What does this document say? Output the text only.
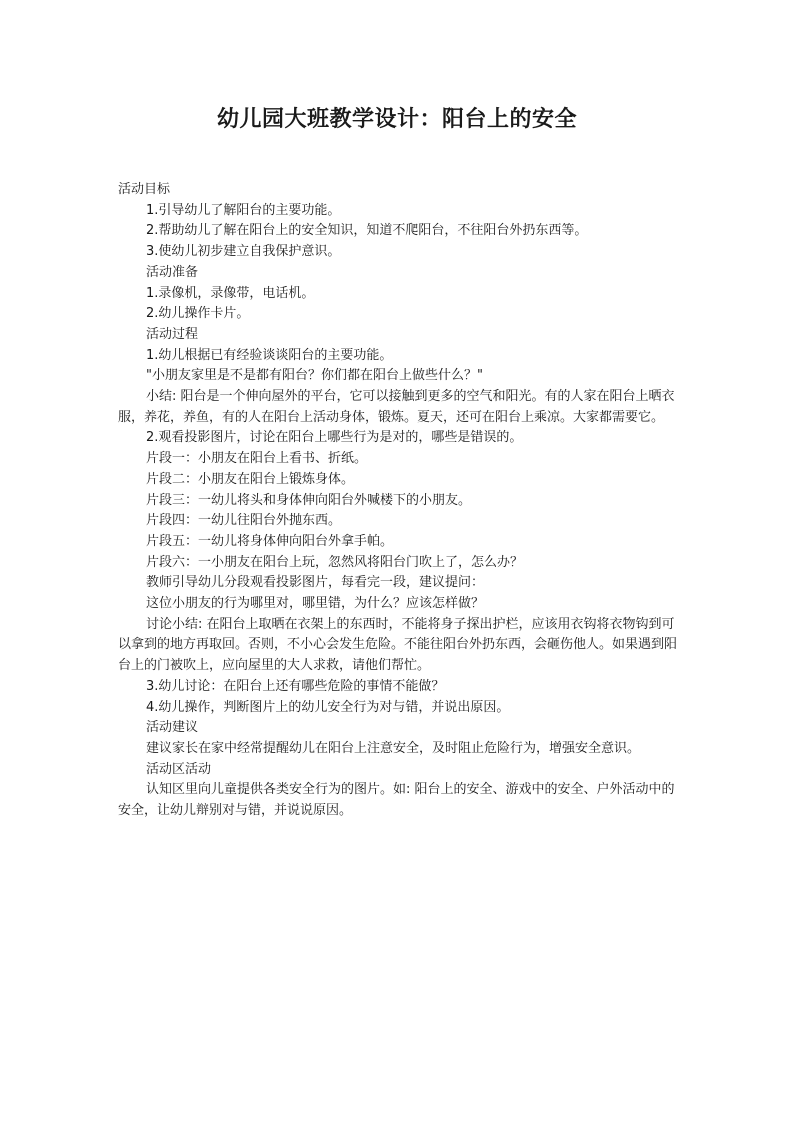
幼儿园大班教学设计：阳台上的安全

活动目标

1.引导幼儿了解阳台的主要功能。

2.帮助幼儿了解在阳台上的安全知识，知道不爬阳台，不往阳台外扔东西等。

3.使幼儿初步建立自我保护意识。

活动准备

1.录像机，录像带，电话机。

2.幼儿操作卡片。

活动过程

1.幼儿根据已有经验谈谈阳台的主要功能。

"小朋友家里是不是都有阳台？你们都在阳台上做些什么？"

小结: 阳台是一个伸向屋外的平台，它可以接触到更多的空气和阳光。有的人家在阳台上晒衣服，养花，养鱼，有的人在阳台上活动身体，锻炼。夏天，还可在阳台上乘凉。大家都需要它。

2.观看投影图片，讨论在阳台上哪些行为是对的，哪些是错误的。

片段一：小朋友在阳台上看书、折纸。

片段二：小朋友在阳台上锻炼身体。

片段三：一幼儿将头和身体伸向阳台外喊楼下的小朋友。

片段四：一幼儿往阳台外抛东西。

片段五：一幼儿将身体伸向阳台外拿手帕。

片段六：一小朋友在阳台上玩，忽然风将阳台门吹上了，怎么办？

教师引导幼儿分段观看投影图片，每看完一段，建议提问：

这位小朋友的行为哪里对，哪里错，为什么？应该怎样做？

讨论小结: 在阳台上取晒在衣架上的东西时，不能将身子探出护栏，应该用衣钩将衣物钩到可以拿到的地方再取回。否则，不小心会发生危险。不能往阳台外扔东西，会砸伤他人。如果遇到阳台上的门被吹上，应向屋里的大人求救，请他们帮忙。

3.幼儿讨论：在阳台上还有哪些危险的事情不能做？

4.幼儿操作，判断图片上的幼儿安全行为对与错，并说出原因。

活动建议

建议家长在家中经常提醒幼儿在阳台上注意安全，及时阻止危险行为，增强安全意识。

活动区活动

认知区里向儿童提供各类安全行为的图片。如: 阳台上的安全、游戏中的安全、户外活动中的安全，让幼儿辩别对与错，并说说原因。
